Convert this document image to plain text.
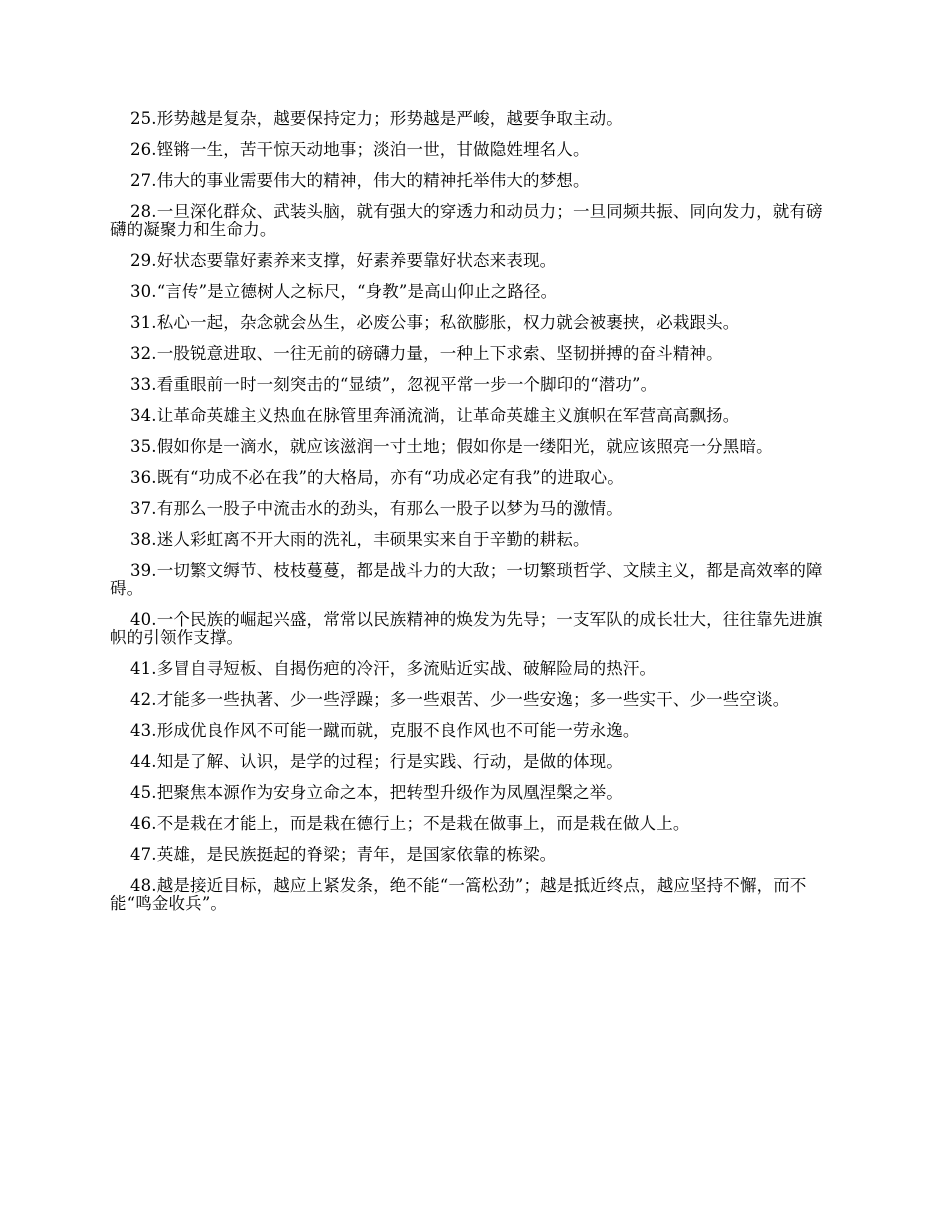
25.形势越是复杂，越要保持定力；形势越是严峻，越要争取主动。

26.铿锵一生，苦干惊天动地事；淡泊一世，甘做隐姓埋名人。

27.伟大的事业需要伟大的精神，伟大的精神托举伟大的梦想。

28.一旦深化群众、武装头脑，就有强大的穿透力和动员力；一旦同频共振、同向发力，就有磅礴的凝聚力和生命力。

29.好状态要靠好素养来支撑，好素养要靠好状态来表现。

30.“言传”是立德树人之标尺，“身教”是高山仰止之路径。

31.私心一起，杂念就会丛生，必废公事；私欲膨胀，权力就会被裹挟，必栽跟头。

32.一股锐意进取、一往无前的磅礴力量，一种上下求索、坚韧拼搏的奋斗精神。

33.看重眼前一时一刻突击的“显绩”，忽视平常一步一个脚印的“潜功”。

34.让革命英雄主义热血在脉管里奔涌流淌，让革命英雄主义旗帜在军营高高飘扬。

35.假如你是一滴水，就应该滋润一寸土地；假如你是一缕阳光，就应该照亮一分黑暗。

36.既有“功成不必在我”的大格局，亦有“功成必定有我”的进取心。

37.有那么一股子中流击水的劲头，有那么一股子以梦为马的激情。

38.迷人彩虹离不开大雨的洗礼，丰硕果实来自于辛勤的耕耘。

39.一切繁文缛节、枝枝蔓蔓，都是战斗力的大敌；一切繁琐哲学、文牍主义，都是高效率的障碍。

40.一个民族的崛起兴盛，常常以民族精神的焕发为先导；一支军队的成长壮大，往往靠先进旗帜的引领作支撑。

41.多冒自寻短板、自揭伤疤的冷汗，多流贴近实战、破解险局的热汗。

42.才能多一些执著、少一些浮躁；多一些艰苦、少一些安逸；多一些实干、少一些空谈。

43.形成优良作风不可能一蹴而就，克服不良作风也不可能一劳永逸。

44.知是了解、认识，是学的过程；行是实践、行动，是做的体现。

45.把聚焦本源作为安身立命之本，把转型升级作为凤凰涅槃之举。

46.不是栽在才能上，而是栽在德行上；不是栽在做事上，而是栽在做人上。

47.英雄，是民族挺起的脊梁；青年，是国家依靠的栋梁。

48.越是接近目标，越应上紧发条，绝不能“一篙松劲”；越是抵近终点，越应坚持不懈，而不能“鸣金收兵”。
